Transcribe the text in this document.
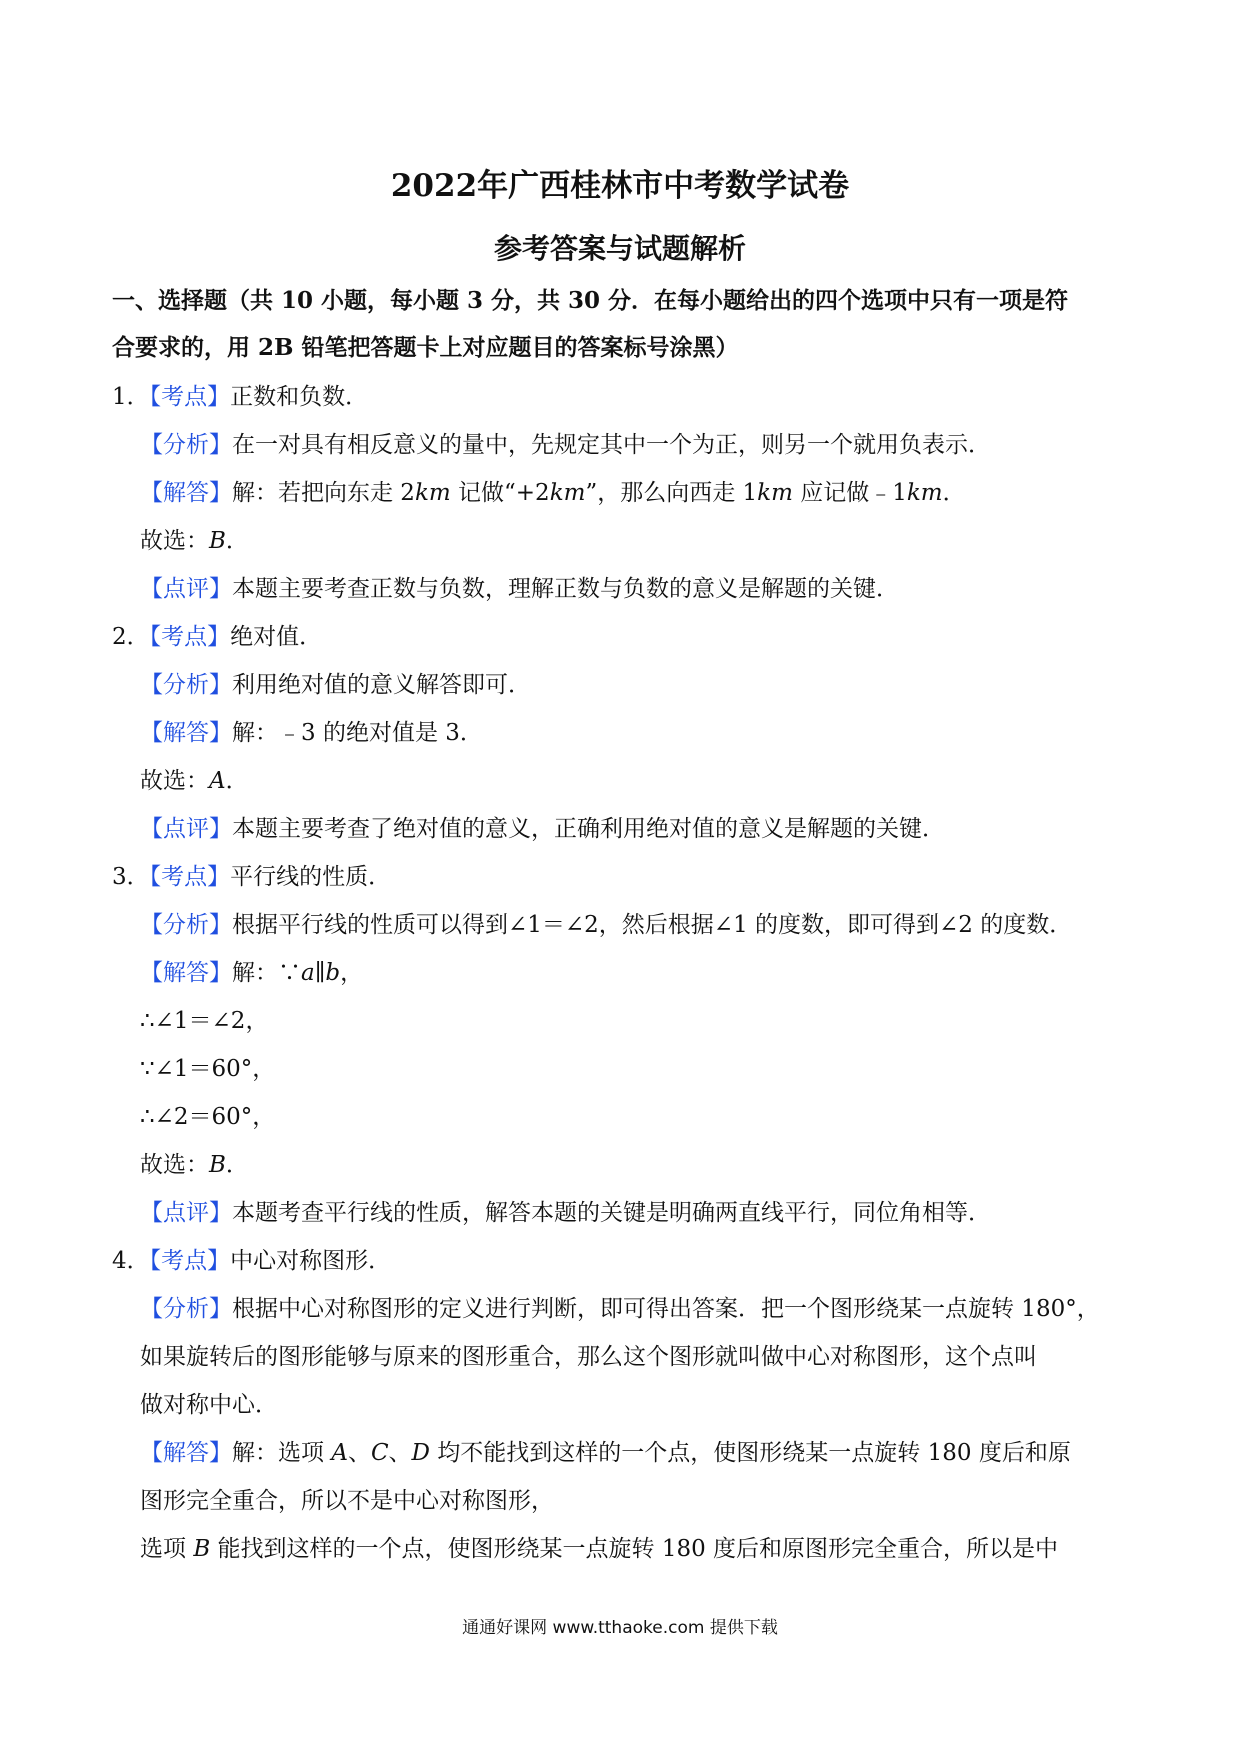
2022年广西桂林市中考数学试卷
参考答案与试题解析
一、选择题（共 10 小题，每小题 3 分，共 30 分．在每小题给出的四个选项中只有一项是符
合要求的，用 2B 铅笔把答题卡上对应题目的答案标号涂黑）
1．【考点】正数和负数．
【分析】在一对具有相反意义的量中，先规定其中一个为正，则另一个就用负表示．
【解答】解：若把向东走 2km 记做“+2km”，那么向西走 1km 应记做﹣1km．
故选：B．
【点评】本题主要考查正数与负数，理解正数与负数的意义是解题的关键．
2．【考点】绝对值．
【分析】利用绝对值的意义解答即可．
【解答】解：﹣3 的绝对值是 3．
故选：A．
【点评】本题主要考查了绝对值的意义，正确利用绝对值的意义是解题的关键．
3．【考点】平行线的性质．
【分析】根据平行线的性质可以得到∠1＝∠2，然后根据∠1 的度数，即可得到∠2 的度数．
【解答】解：∵a∥b，
∴∠1＝∠2，
∵∠1＝60°，
∴∠2＝60°，
故选：B．
【点评】本题考查平行线的性质，解答本题的关键是明确两直线平行，同位角相等．
4．【考点】中心对称图形．
【分析】根据中心对称图形的定义进行判断，即可得出答案．把一个图形绕某一点旋转 180°，
如果旋转后的图形能够与原来的图形重合，那么这个图形就叫做中心对称图形，这个点叫
做对称中心．
【解答】解：选项 A、C、D 均不能找到这样的一个点，使图形绕某一点旋转 180 度后和原
图形完全重合，所以不是中心对称图形，
选项 B 能找到这样的一个点，使图形绕某一点旋转 180 度后和原图形完全重合，所以是中
通通好课网 www.tthaoke.com 提供下载
